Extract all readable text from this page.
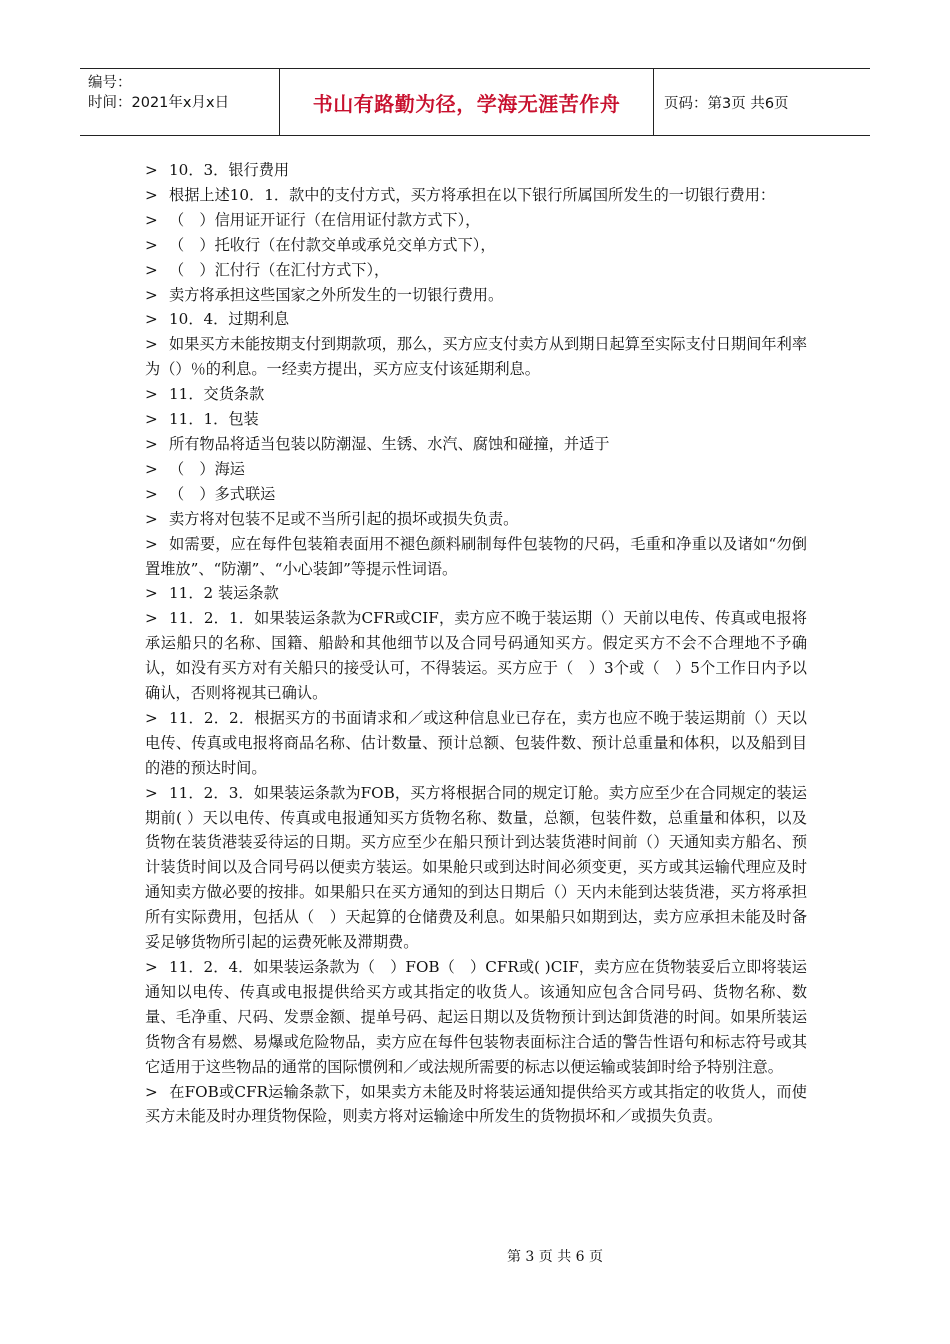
编号：
时间：2021年x月x日	书山有路勤为径，学海无涯苦作舟	页码：第3页 共6页

> 10．3．银行费用

> 根据上述10．1．款中的支付方式，买方将承担在以下银行所属国所发生的一切银行费用：

> （　）信用证开证行（在信用证付款方式下），

> （　）托收行（在付款交单或承兑交单方式下），

> （　）汇付行（在汇付方式下），

> 卖方将承担这些国家之外所发生的一切银行费用。

> 10．4．过期利息

> 如果买方未能按期支付到期款项，那么，买方应支付卖方从到期日起算至实际支付日期间年利率为（）％的利息。一经卖方提出，买方应支付该延期利息。

> 11．交货条款

> 11．1．包装

> 所有物品将适当包装以防潮湿、生锈、水汽、腐蚀和碰撞，并适于

> （　）海运

> （　）多式联运

> 卖方将对包装不足或不当所引起的损坏或损失负责。

> 如需要，应在每件包装箱表面用不褪色颜料刷制每件包装物的尺码，毛重和净重以及诸如“勿倒置堆放”、“防潮”、“小心装卸”等提示性词语。

> 11．2 装运条款

> 11．2．1．如果装运条款为CFR或CIF，卖方应不晚于装运期（）天前以电传、传真或电报将承运船只的名称、国籍、船龄和其他细节以及合同号码通知买方。假定买方不会不合理地不予确认，如没有买方对有关船只的接受认可，不得装运。买方应于（　）3个或（　）5个工作日内予以确认，否则将视其已确认。

> 11．2．2．根据买方的书面请求和／或这种信息业已存在，卖方也应不晚于装运期前（）天以电传、传真或电报将商品名称、估计数量、预计总额、包装件数、预计总重量和体积，以及船到目的港的预达时间。

> 11．2．3．如果装运条款为FOB，买方将根据合同的规定订舱。卖方应至少在合同规定的装运期前( ）天以电传、传真或电报通知买方货物名称、数量，总额，包装件数，总重量和体积，以及货物在装货港装妥待运的日期。买方应至少在船只预计到达装货港时间前（）天通知卖方船名、预计装货时间以及合同号码以便卖方装运。如果舱只或到达时间必须变更，买方或其运输代理应及时通知卖方做必要的按排。如果船只在买方通知的到达日期后（）天内未能到达装货港，买方将承担所有实际费用，包括从（　）天起算的仓储费及利息。如果船只如期到达，卖方应承担未能及时备妥足够货物所引起的运费死帐及滞期费。

> 11．2．4．如果装运条款为（　）FOB（　）CFR或( )CIF，卖方应在货物装妥后立即将装运通知以电传、传真或电报提供给买方或其指定的收货人。该通知应包含合同号码、货物名称、数量、毛净重、尺码、发票金额、提单号码、起运日期以及货物预计到达卸货港的时间。如果所装运货物含有易燃、易爆或危险物品，卖方应在每件包装物表面标注合适的警告性语句和标志符号或其它适用于这些物品的通常的国际惯例和／或法规所需要的标志以便运输或装卸时给予特别注意。

> 在FOB或CFR运输条款下，如果卖方未能及时将装运通知提供给买方或其指定的收货人，而使买方未能及时办理货物保险，则卖方将对运输途中所发生的货物损坏和／或损失负责。

第 3 页 共 6 页
